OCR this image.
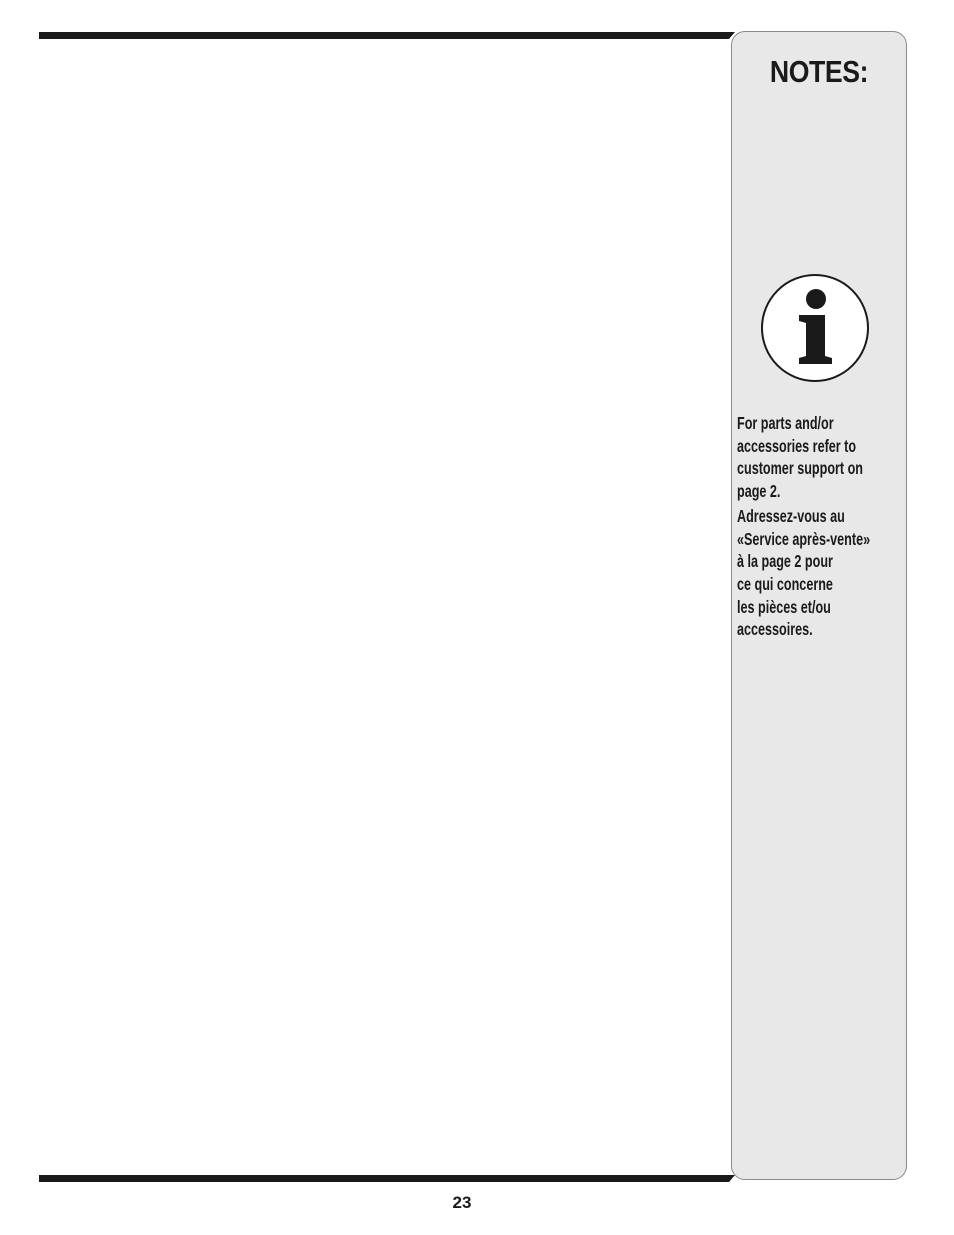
NOTES:

For parts and/or
accessories refer to
customer support on
page 2.

Adressez-vous au
«Service après-vente»
à la page 2 pour
ce qui concerne
les pièces et/ou
accessoires.

23
